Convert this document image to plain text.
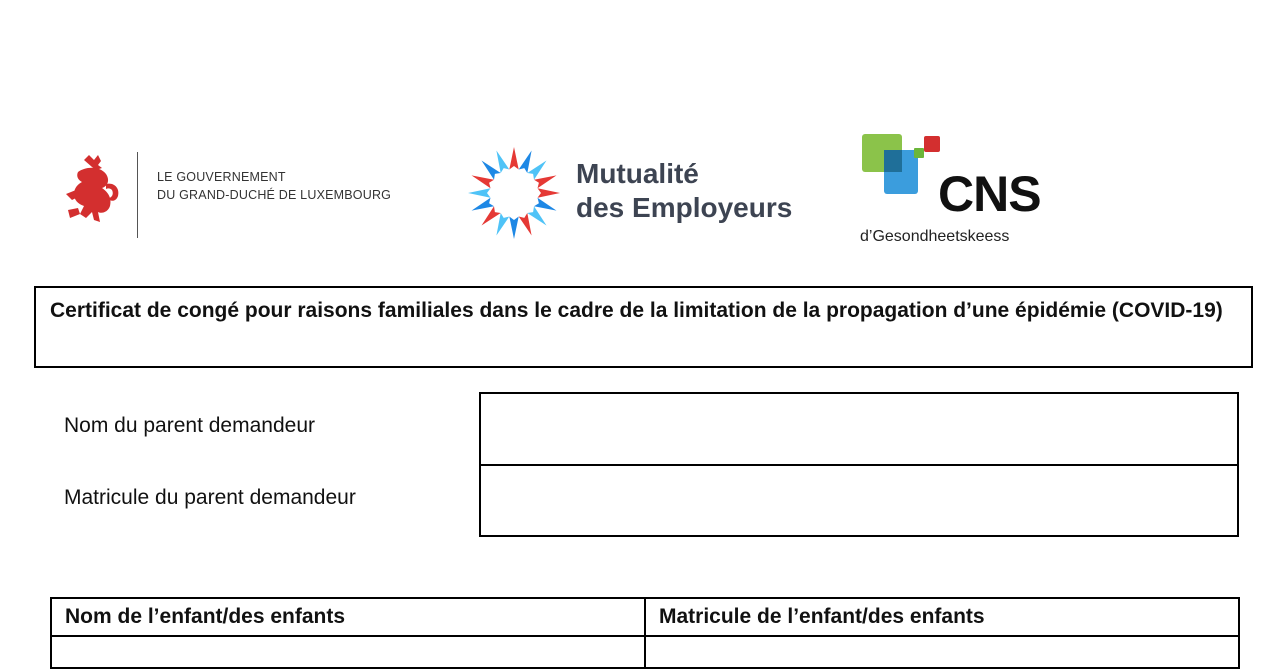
LE GOUVERNEMENT
DU GRAND-DUCHÉ DE LUXEMBOURG
Mutualité
des Employeurs	CNS
d’Gesondheetskeess
Certificat de congé pour raisons familiales dans le cadre de la limitation de la propagation d’une épidémie (COVID-19)
Nom du parent demandeur
Matricule du parent demandeur
Nom de l’enfant/des enfants	Matricule de l’enfant/des enfants
